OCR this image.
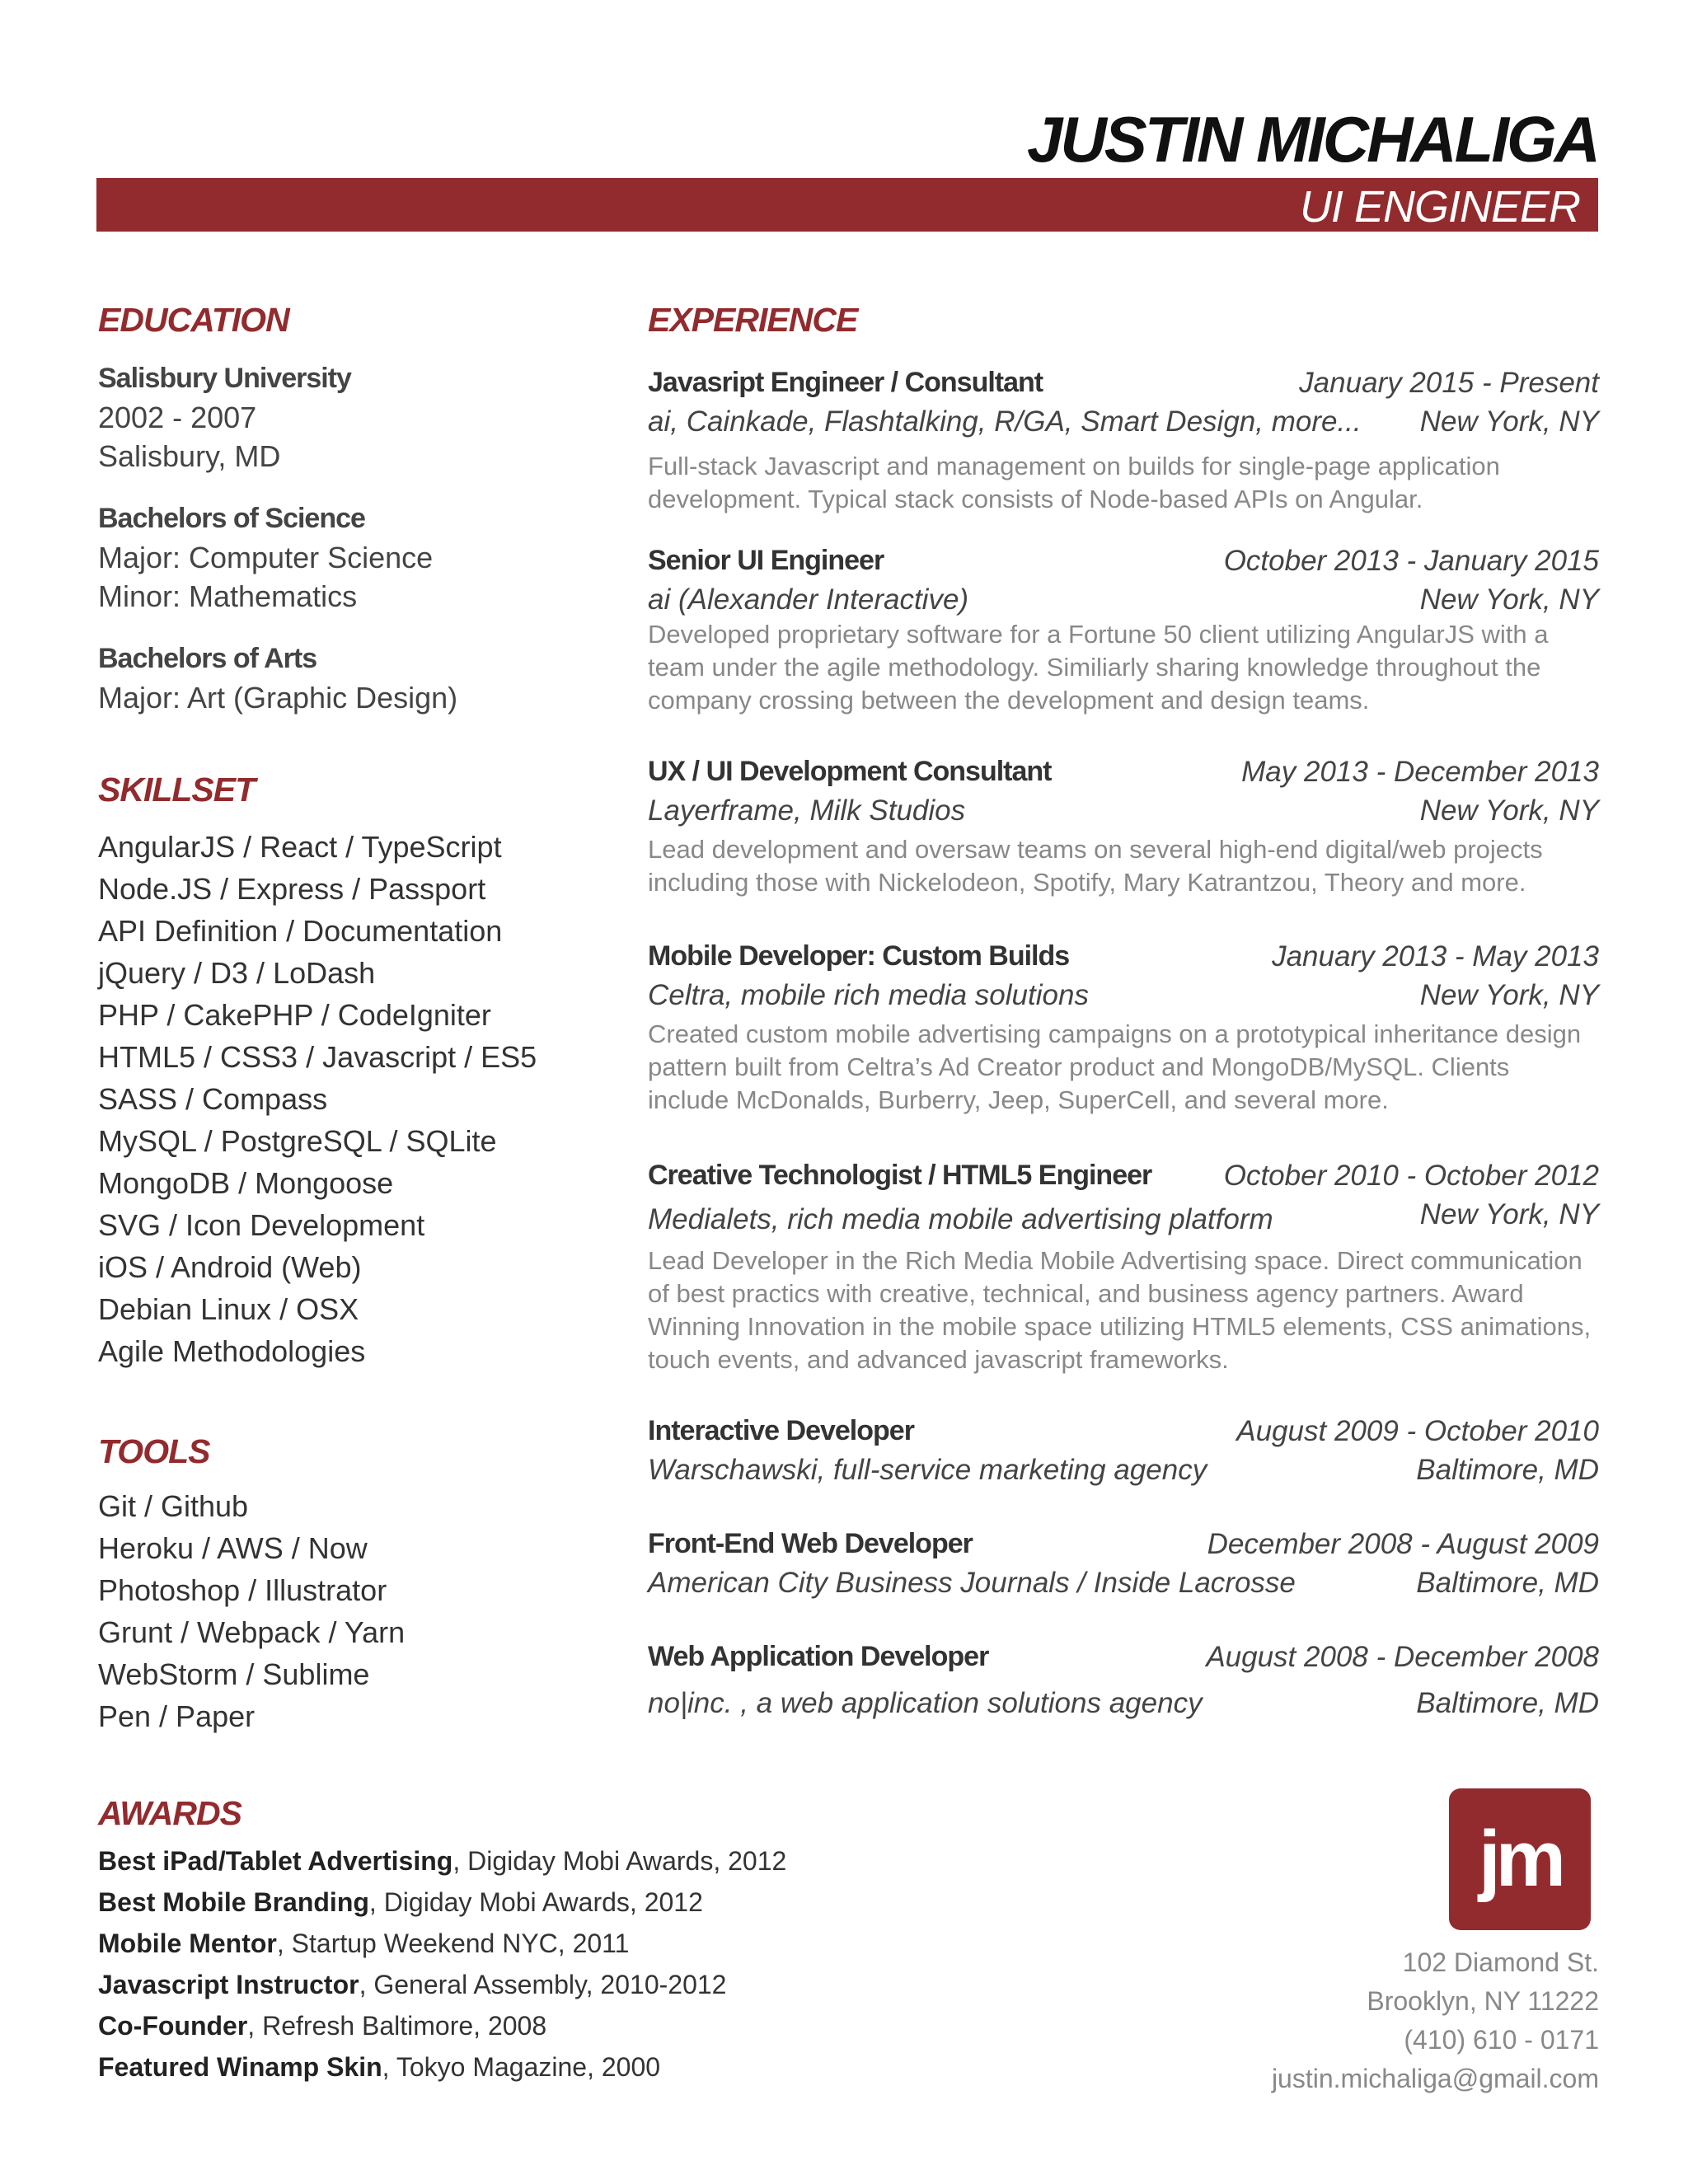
JUSTIN MICHALIGA
UI ENGINEER
EDUCATION
Salisbury University
2002 - 2007
Salisbury, MD
Bachelors of Science
Major: Computer Science
Minor: Mathematics
Bachelors of Arts
Major: Art (Graphic Design)
SKILLSET
AngularJS / React / TypeScript
Node.JS / Express / Passport
API Definition / Documentation
jQuery / D3 / LoDash
PHP / CakePHP / CodeIgniter
HTML5 / CSS3 / Javascript / ES5
SASS / Compass
MySQL / PostgreSQL / SQLite
MongoDB / Mongoose
SVG / Icon Development
iOS / Android (Web)
Debian Linux / OSX
Agile Methodologies
TOOLS
Git / Github
Heroku / AWS / Now
Photoshop / Illustrator
Grunt / Webpack / Yarn
WebStorm / Sublime
Pen / Paper
AWARDS
Best iPad/Tablet Advertising, Digiday Mobi Awards, 2012
Best Mobile Branding, Digiday Mobi Awards, 2012
Mobile Mentor, Startup Weekend NYC, 2011
Javascript Instructor, General Assembly, 2010-2012
Co-Founder, Refresh Baltimore, 2008
Featured Winamp Skin, Tokyo Magazine, 2000
EXPERIENCE
Javasript Engineer / Consultant	January 2015 - Present
ai, Cainkade, Flashtalking, R/GA, Smart Design, more... New York, NY
Full-stack Javascript and management on builds for single-page application development. Typical stack consists of Node-based APIs on Angular.
Senior UI Engineer	October 2013 - January 2015
ai (Alexander Interactive)	New York, NY
Developed proprietary software for a Fortune 50 client utilizing AngularJS with a team under the agile methodology. Similiarly sharing knowledge throughout the company crossing between the development and design teams.
UX / UI Development Consultant	May 2013 - December 2013
Layerframe, Milk Studios	New York, NY
Lead development and oversaw teams on several high-end digital/web projects including those with Nickelodeon, Spotify, Mary Katrantzou, Theory and more.
Mobile Developer: Custom Builds	January 2013 - May 2013
Celtra, mobile rich media solutions	New York, NY
Created custom mobile advertising campaigns on a prototypical inheritance design pattern built from Celtra’s Ad Creator product and MongoDB/MySQL. Clients include McDonalds, Burberry, Jeep, SuperCell, and several more.
Creative Technologist / HTML5 Engineer October 2010 - October 2012
Medialets, rich media mobile advertising platform	New York, NY
Lead Developer in the Rich Media Mobile Advertising space. Direct communication of best practics with creative, technical, and business agency partners. Award Winning Innovation in the mobile space utilizing HTML5 elements, CSS animations, touch events, and advanced javascript frameworks.
Interactive Developer	August 2009 - October 2010
Warschawski, full-service marketing agency	Baltimore, MD
Front-End Web Developer	December 2008 - August 2009
American City Business Journals / Inside Lacrosse	Baltimore, MD
Web Application Developer	August 2008 - December 2008
no|inc. , a web application solutions agency	Baltimore, MD
jm
102 Diamond St.
Brooklyn, NY 11222
(410) 610 - 0171
justin.michaliga@gmail.com
